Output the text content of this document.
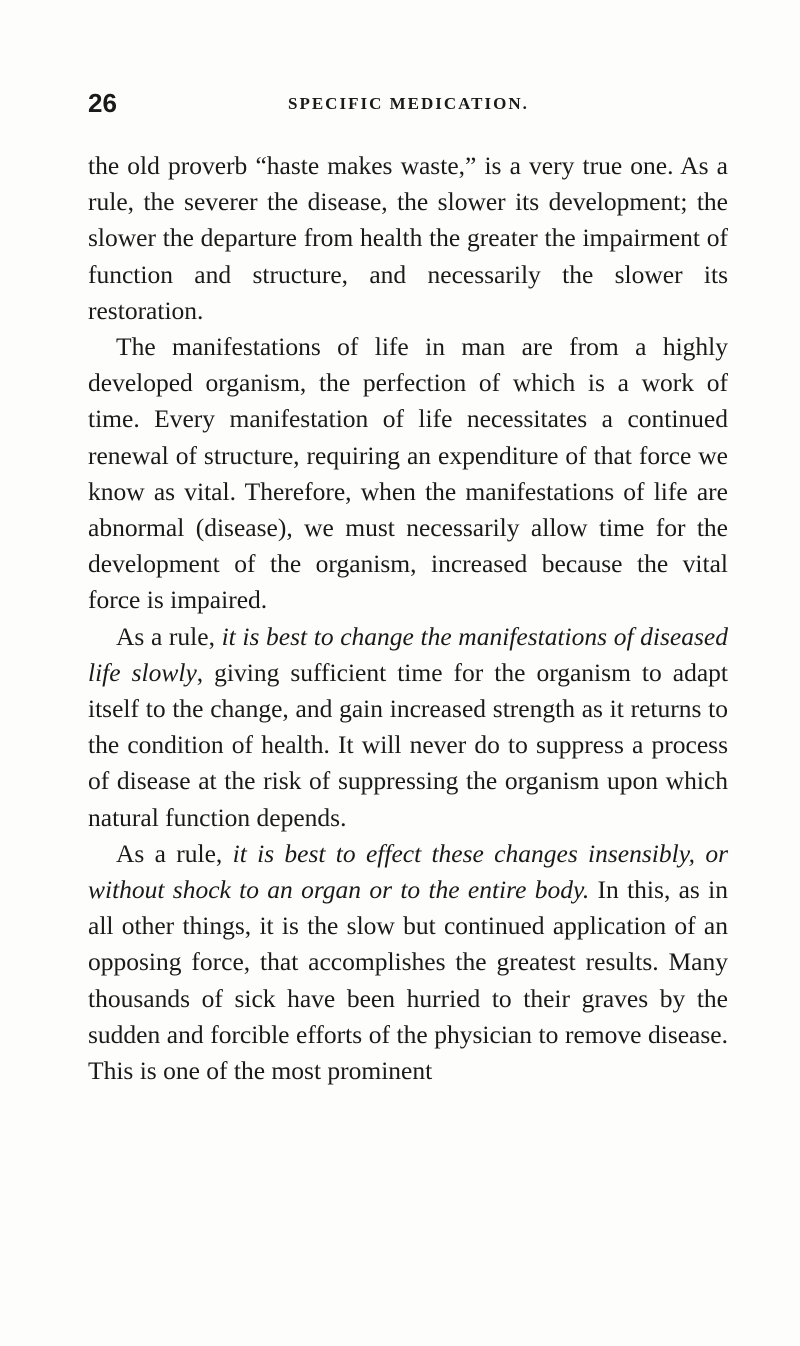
26	SPECIFIC MEDICATION.

the old proverb “haste makes waste,” is a very true one. As a rule, the severer the disease, the slower its development; the slower the departure from health the greater the impairment of function and structure, and necessarily the slower its restoration.

The manifestations of life in man are from a highly developed organism, the perfection of which is a work of time. Every manifestation of life necessitates a continued renewal of structure, requiring an expenditure of that force we know as vital. Therefore, when the manifestations of life are abnormal (disease), we must necessarily allow time for the development of the organism, increased because the vital force is impaired.

As a rule, it is best to change the manifestations of diseased life slowly, giving sufficient time for the organism to adapt itself to the change, and gain increased strength as it returns to the condition of health. It will never do to suppress a process of disease at the risk of suppressing the organism upon which natural function depends.

As a rule, it is best to effect these changes insensibly, or without shock to an organ or to the entire body. In this, as in all other things, it is the slow but continued application of an opposing force, that accomplishes the greatest results. Many thousands of sick have been hurried to their graves by the sudden and forcible efforts of the physician to remove disease. This is one of the most prominent
